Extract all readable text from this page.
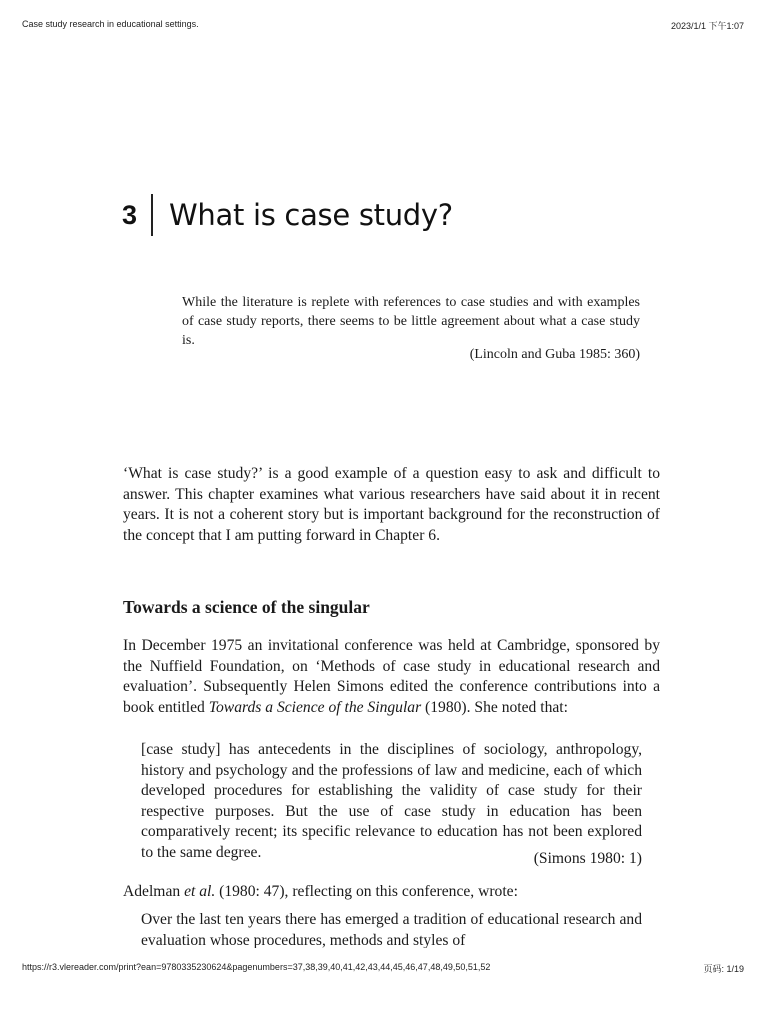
Case study research in educational settings.	2023/1/1 下午1:07
3 What is case study?
While the literature is replete with references to case studies and with examples of case study reports, there seems to be little agreement about what a case study is.
(Lincoln and Guba 1985: 360)
‘What is case study?’ is a good example of a question easy to ask and difficult to answer. This chapter examines what various researchers have said about it in recent years. It is not a coherent story but is important background for the reconstruction of the concept that I am putting forward in Chapter 6.
Towards a science of the singular
In December 1975 an invitational conference was held at Cambridge, sponsored by the Nuffield Foundation, on ‘Methods of case study in educational research and evaluation’. Subsequently Helen Simons edited the conference contributions into a book entitled Towards a Science of the Singular (1980). She noted that:
[case study] has antecedents in the disciplines of sociology, anthropology, history and psychology and the professions of law and medicine, each of which developed procedures for establishing the validity of case study for their respective purposes. But the use of case study in education has been comparatively recent; its specific relevance to education has not been explored to the same degree.	(Simons 1980: 1)
Adelman et al. (1980: 47), reflecting on this conference, wrote:
Over the last ten years there has emerged a tradition of educational research and evaluation whose procedures, methods and styles of
https://r3.vlereader.com/print?ean=9780335230624&pagenumbers=37,38,39,40,41,42,43,44,45,46,47,48,49,50,51,52	页码: 1/19
